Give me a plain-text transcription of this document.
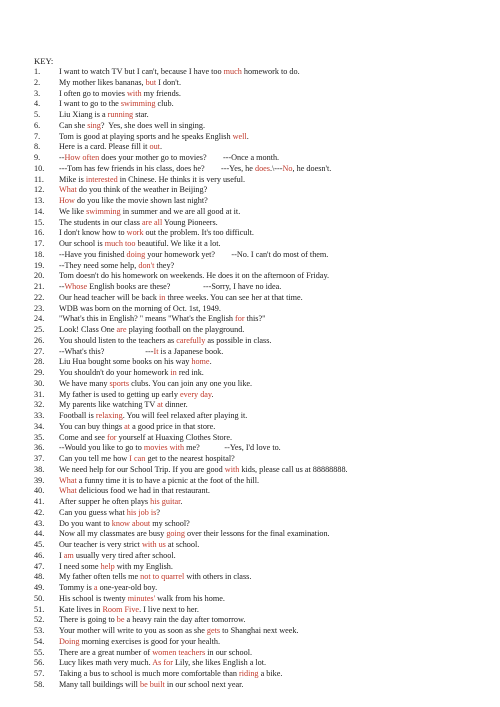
KEY:
1.	I want to watch TV but I can't, because I have too much homework to do.
2.	My mother likes bananas, but I don't.
3.	I often go to movies with my friends.
4.	I want to go to the swimming club.
5.	Liu Xiang is a running star.
6.	Can she sing?  Yes, she does well in singing.
7.	Tom is good at playing sports and he speaks English well.
8.	Here is a card. Please fill it out.
9.	--How often does your mother go to movies?        ---Once a month.
10.	---Tom has few friends in his class, does he?        ---Yes, he does.\---No, he doesn't.
11.	Mike is interested in Chinese. He thinks it is very useful.
12.	What do you think of the weather in Beijing?
13.	How do you like the movie shown last night?
14.	We like swimming in summer and we are all good at it.
15.	The students in our class are all Young Pioneers.
16.	I don't know how to work out the problem. It's too difficult.
17.	Our school is much too beautiful. We like it a lot.
18.	--Have you finished doing your homework yet?        --No. I can't do most of them.
19.	--They need some help, don't they?
20.	Tom doesn't do his homework on weekends. He does it on the afternoon of Friday.
21.	--Whose English books are these?                ---Sorry, I have no idea.
22.	Our head teacher will be back in three weeks. You can see her at that time.
23.	WDB was born on the morning of Oct. 1st, 1949.
24.	"What's this in English? " means "What's the English for this?"
25.	Look! Class One are playing football on the playground.
26.	You should listen to the teachers as carefully as possible in class.
27.	--What's this?                    ---It is a Japanese book.
28.	Liu Hua bought some books on his way home.
29.	You shouldn't do your homework in red ink.
30.	We have many sports clubs. You can join any one you like.
31.	My father is used to getting up early every day.
32.	My parents like watching TV at dinner.
33.	Football is relaxing. You will feel relaxed after playing it.
34.	You can buy things at a good price in that store.
35.	Come and see for yourself at Huaxing Clothes Store.
36.	--Would you like to go to movies with me?            --Yes, I'd love to.
37.	Can you tell me how I can get to the nearest hospital?
38.	We need help for our School Trip. If you are good with kids, please call us at 88888888.
39.	What a funny time it is to have a picnic at the foot of the hill.
40.	What delicious food we had in that restaurant.
41.	After supper he often plays his guitar.
42.	Can you guess what his job is?
43.	Do you want to know about my school?
44.	Now all my classmates are busy going over their lessons for the final examination.
45.	Our teacher is very strict with us at school.
46.	I am usually very tired after school.
47.	I need some help with my English.
48.	My father often tells me not to quarrel with others in class.
49.	Tommy is a one-year-old boy.
50.	His school is twenty minutes' walk from his home.
51.	Kate lives in Room Five. I live next to her.
52.	There is going to be a heavy rain the day after tomorrow.
53.	Your mother will write to you as soon as she gets to Shanghai next week.
54.	Doing morning exercises is good for your health.
55.	There are a great number of women teachers in our school.
56.	Lucy likes math very much. As for Lily, she likes English a lot.
57.	Taking a bus to school is much more comfortable than riding a bike.
58.	Many tall buildings will be built in our school next year.
